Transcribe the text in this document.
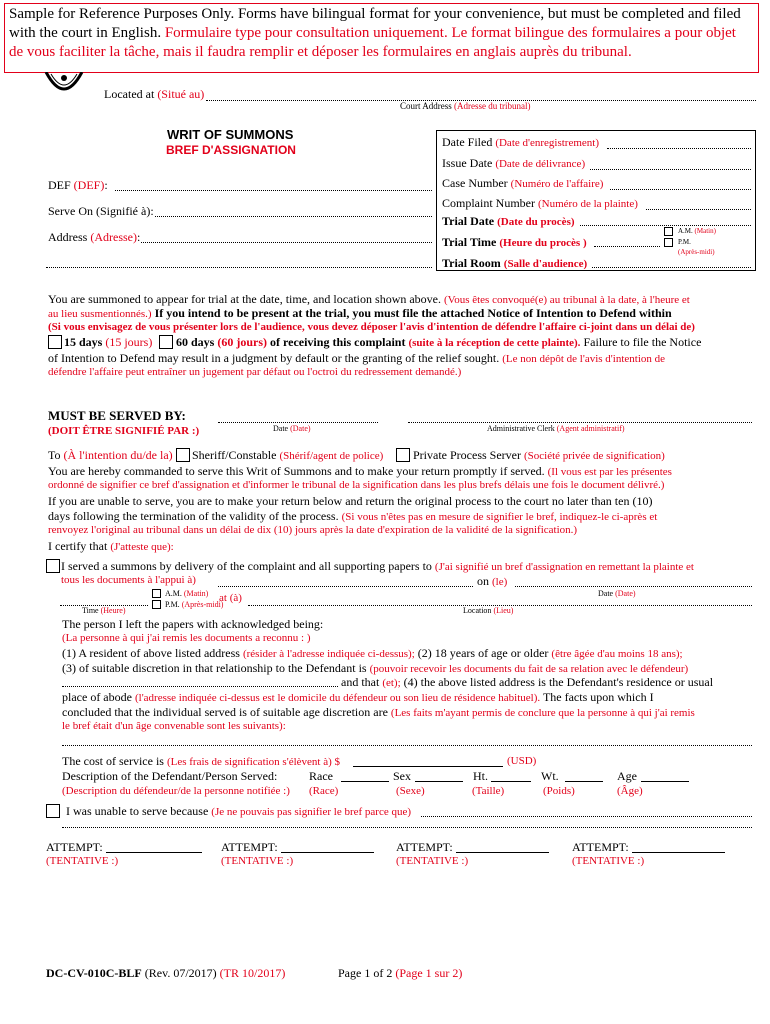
Sample for Reference Purposes Only. Forms have bilingual format for your convenience, but must be completed and filed
with the court in English. Formulaire type pour consultation uniquement. Le format bilingue des formulaires a pour objet
de vous faciliter la tâche, mais il faudra remplir et déposer les formulaires en anglais auprès du tribunal.
Located at (Situé au)
Court Address (Adresse du tribunal)
WRIT OF SUMMONS
BREF D'ASSIGNATION
Date Filed (Date d'enregistrement)
Issue Date (Date de délivrance)
Case Number (Numéro de l'affaire)
Complaint Number (Numéro de la plainte)
Trial Date (Date du procès)
Trial Time (Heure du procès )
A.M. (Matin)
P.M.
(Après-midi)
Trial Room (Salle d'audience)
DEF (DEF):
Serve On (Signifié à):
Address (Adresse):
You are summoned to appear for trial at the date, time, and location shown above. (Vous êtes convoqué(e) au tribunal à la date, à l'heure et
au lieu susmentionnés.) If you intend to be present at the trial, you must file the attached Notice of Intention to Defend within
(Si vous envisagez de vous présenter lors de l'audience, vous devez déposer l'avis d'intention de défendre l'affaire ci-joint dans un délai de)
15 days (15 jours) 60 days (60 jours) of receiving this complaint (suite à la réception de cette plainte). Failure to file the Notice
of Intention to Defend may result in a judgment by default or the granting of the relief sought. (Le non dépôt de l'avis d'intention de
défendre l'affaire peut entraîner un jugement par défaut ou l'octroi du redressement demandé.)
MUST BE SERVED BY:
(DOIT ÊTRE SIGNIFIÉ PAR :)	Date (Date)	Administrative Clerk (Agent administratif)
To (À l'intention du/de la) Sheriff/Constable (Shérif/agent de police) Private Process Server (Société privée de signification)
You are hereby commanded to serve this Writ of Summons and to make your return promptly if served. (Il vous est par les présentes
ordonné de signifier ce bref d'assignation et d'informer le tribunal de la signification dans les plus brefs délais une fois le document délivré.)
If you are unable to serve, you are to make your return below and return the original process to the court no later than ten (10)
days following the termination of the validity of the process. (Si vous n'êtes pas en mesure de signifier le bref, indiquez-le ci-après et
renvoyez l'original au tribunal dans un délai de dix (10) jours après la date d'expiration de la validité de la signification.)
I certify that (J'atteste que):
I served a summons by delivery of the complaint and all supporting papers to (J'ai signifié un bref d'assignation en remettant la plainte et
tous les documents à l'appui à)	on (le)
A.M. (Matin) at (à)
P.M. (Après-midi)
Time (Heure)
Date (Date)
Location (Lieu)
The person I left the papers with acknowledged being:
(La personne à qui j'ai remis les documents a reconnu : )
(1) A resident of above listed address (résider à l'adresse indiquée ci-dessus); (2) 18 years of age or older (être âgée d'au moins 18 ans);
(3) of suitable discretion in that relationship to the Defendant is (pouvoir recevoir les documents du fait de sa relation avec le défendeur)
and that (et); (4) the above listed address is the Defendant's residence or usual
place of abode (l'adresse indiquée ci-dessus est le domicile du défendeur ou son lieu de résidence habituel). The facts upon which I
concluded that the individual served is of suitable age discretion are (Les faits m'ayant permis de conclure que la personne à qui j'ai remis
le bref était d'un âge convenable sont les suivants):
The cost of service is (Les frais de signification s'élèvent à) $	(USD)
Description of the Defendant/Person Served:
(Description du défendeur/de la personne notifiée :)
Race
(Race)
Sex
(Sexe)
Ht.
(Taille)
Wt.
(Poids)
Age
(Âge)
I was unable to serve because (Je ne pouvais pas signifier le bref parce que)
ATTEMPT:
(TENTATIVE :)
ATTEMPT:
(TENTATIVE :)
ATTEMPT:
(TENTATIVE :)
ATTEMPT:
(TENTATIVE :)
DC-CV-010C-BLF (Rev. 07/2017) (TR 10/2017)	Page 1 of 2 (Page 1 sur 2)
